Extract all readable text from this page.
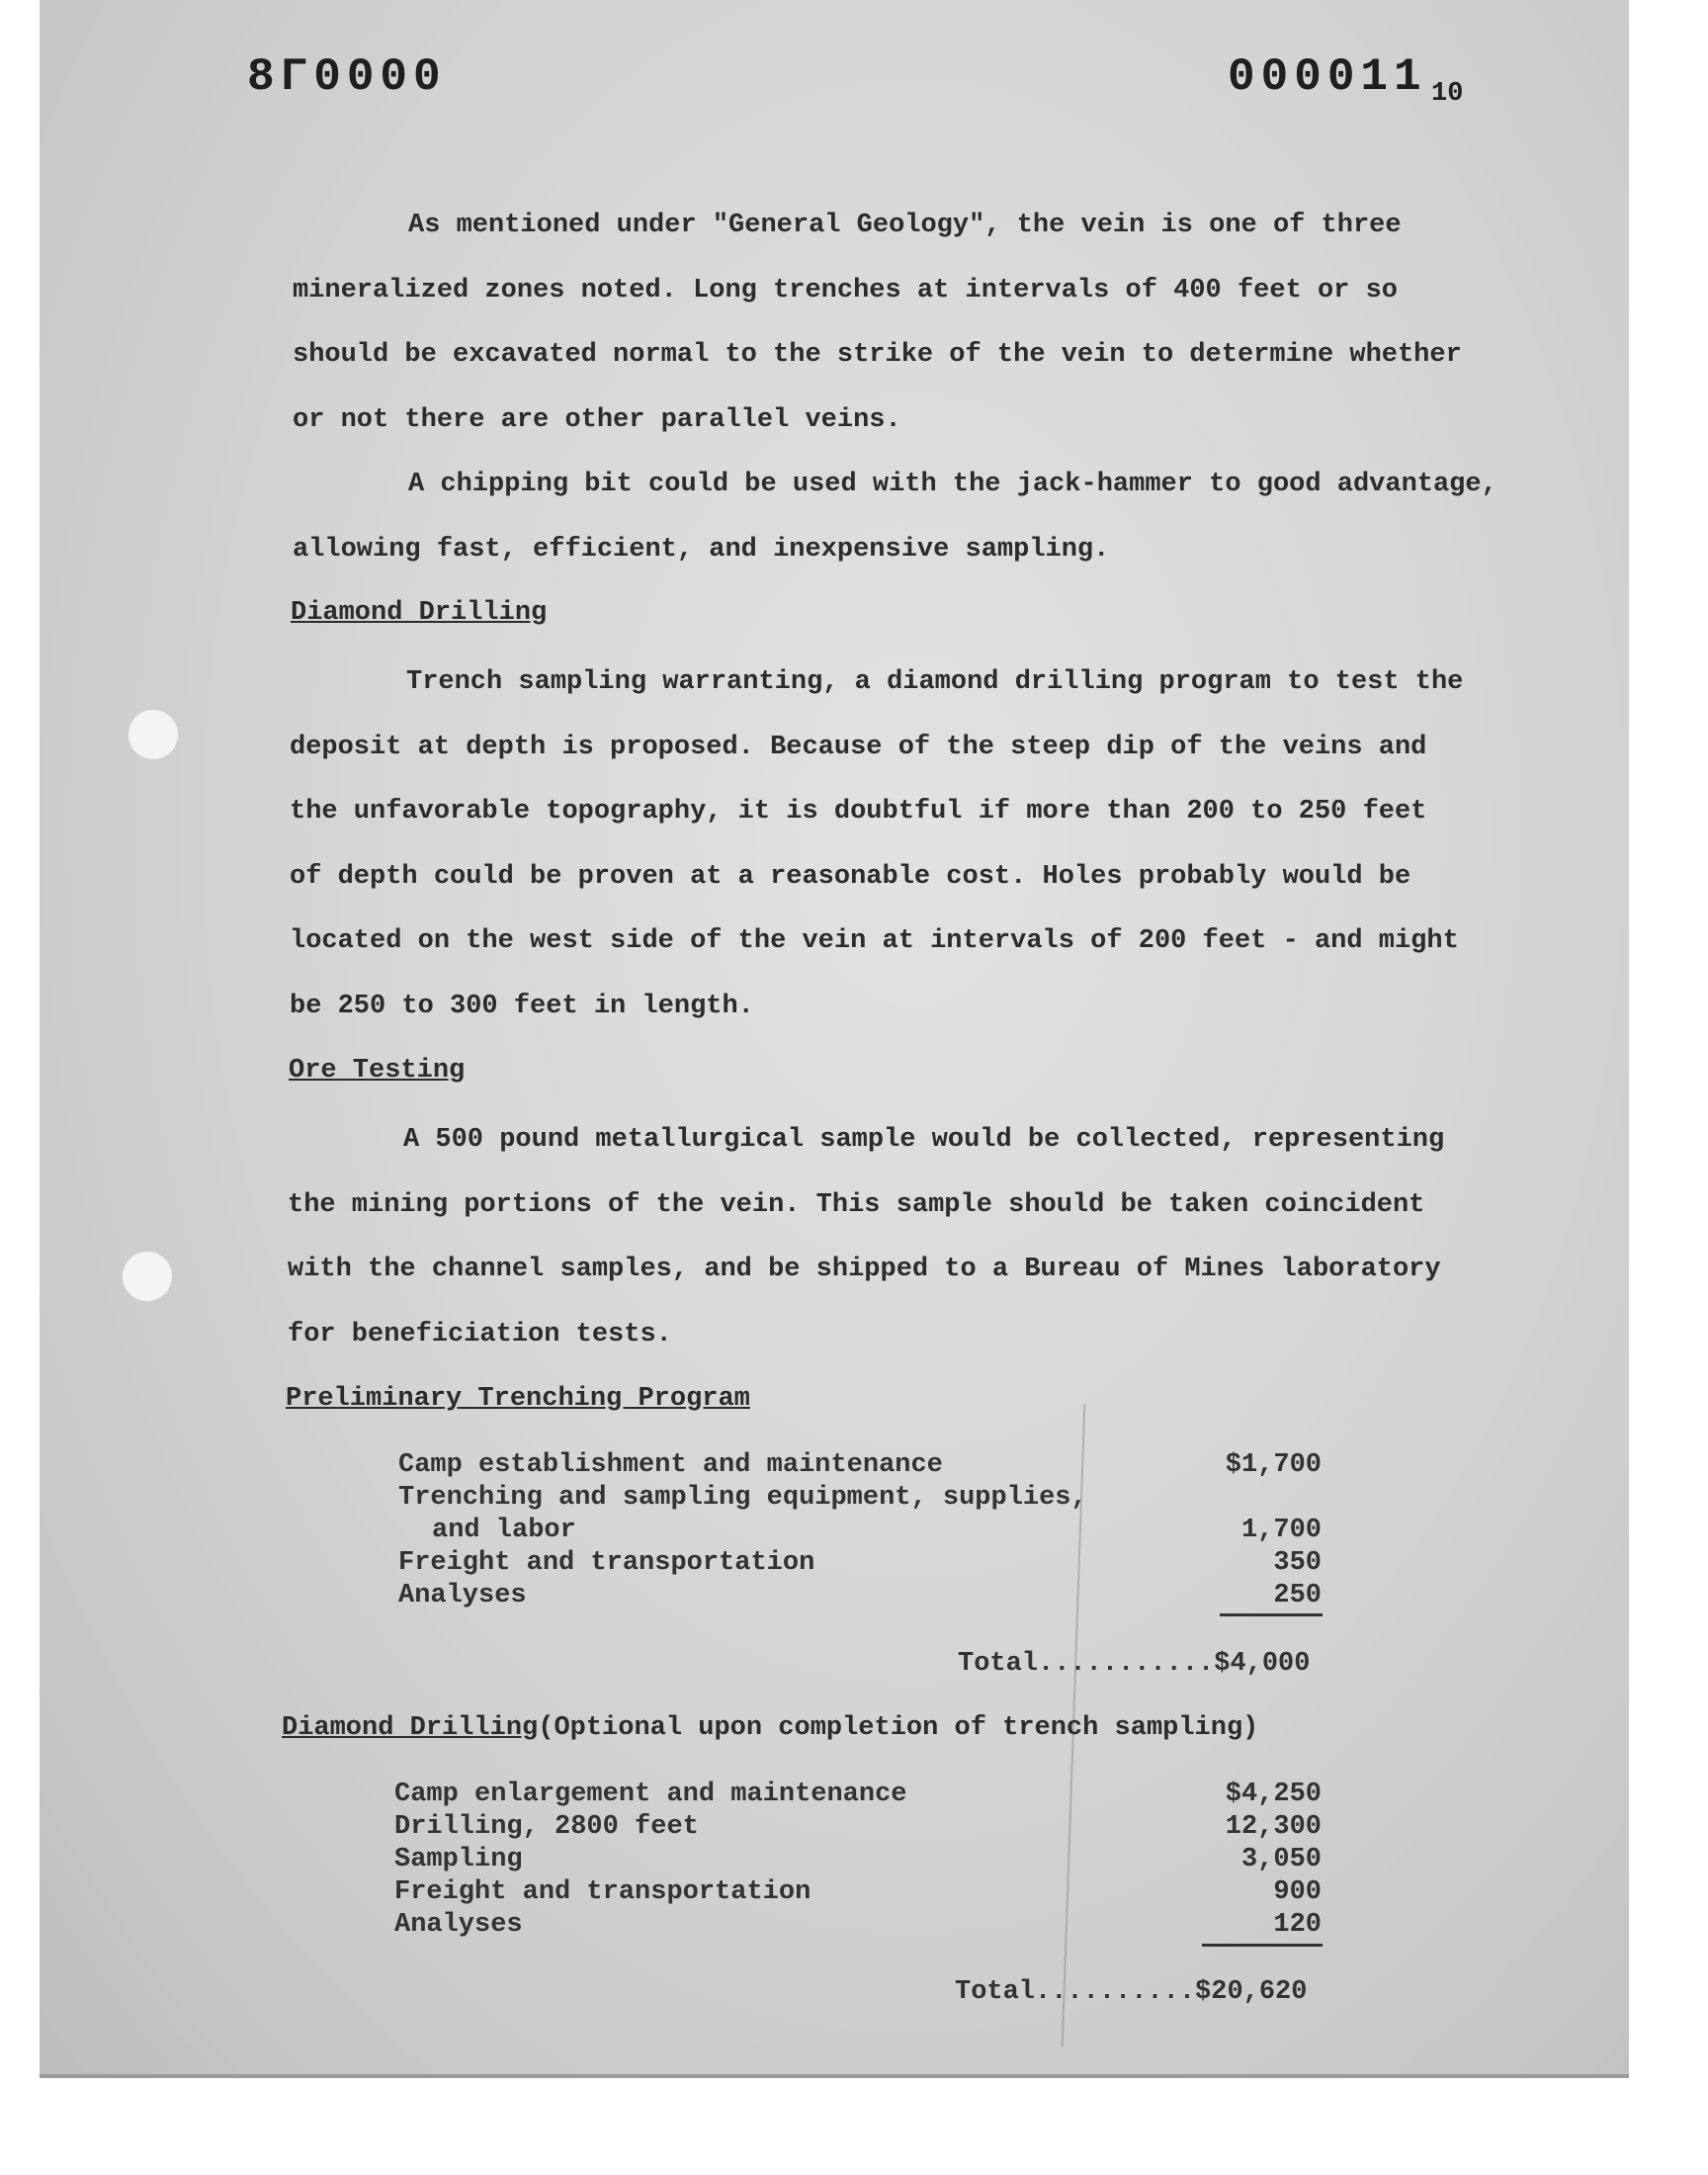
8Γ0000	000011 10
As mentioned under "General Geology", the vein is one of three
mineralized zones noted. Long trenches at intervals of 400 feet or so
should be excavated normal to the strike of the vein to determine whether
or not there are other parallel veins.
A chipping bit could be used with the jack-hammer to good advantage,
allowing fast, efficient, and inexpensive sampling.
Diamond Drilling
Trench sampling warranting, a diamond drilling program to test the
deposit at depth is proposed. Because of the steep dip of the veins and
the unfavorable topography, it is doubtful if more than 200 to 250 feet
of depth could be proven at a reasonable cost. Holes probably would be
located on the west side of the vein at intervals of 200 feet - and might
be 250 to 300 feet in length.
Ore Testing
A 500 pound metallurgical sample would be collected, representing
the mining portions of the vein. This sample should be taken coincident
with the channel samples, and be shipped to a Bureau of Mines laboratory
for beneficiation tests.
Preliminary Trenching Program
Camp establishment and maintenance	$1,700
Trenching and sampling equipment, supplies,
and labor	1,700
Freight and transportation	350
Analyses	250
Total...........$4,000
Diamond Drilling(Optional upon completion of trench sampling)
Camp enlargement and maintenance	$4,250
Drilling, 2800 feet	12,300
Sampling	3,050
Freight and transportation	900
Analyses	120
Total..........$20,620
